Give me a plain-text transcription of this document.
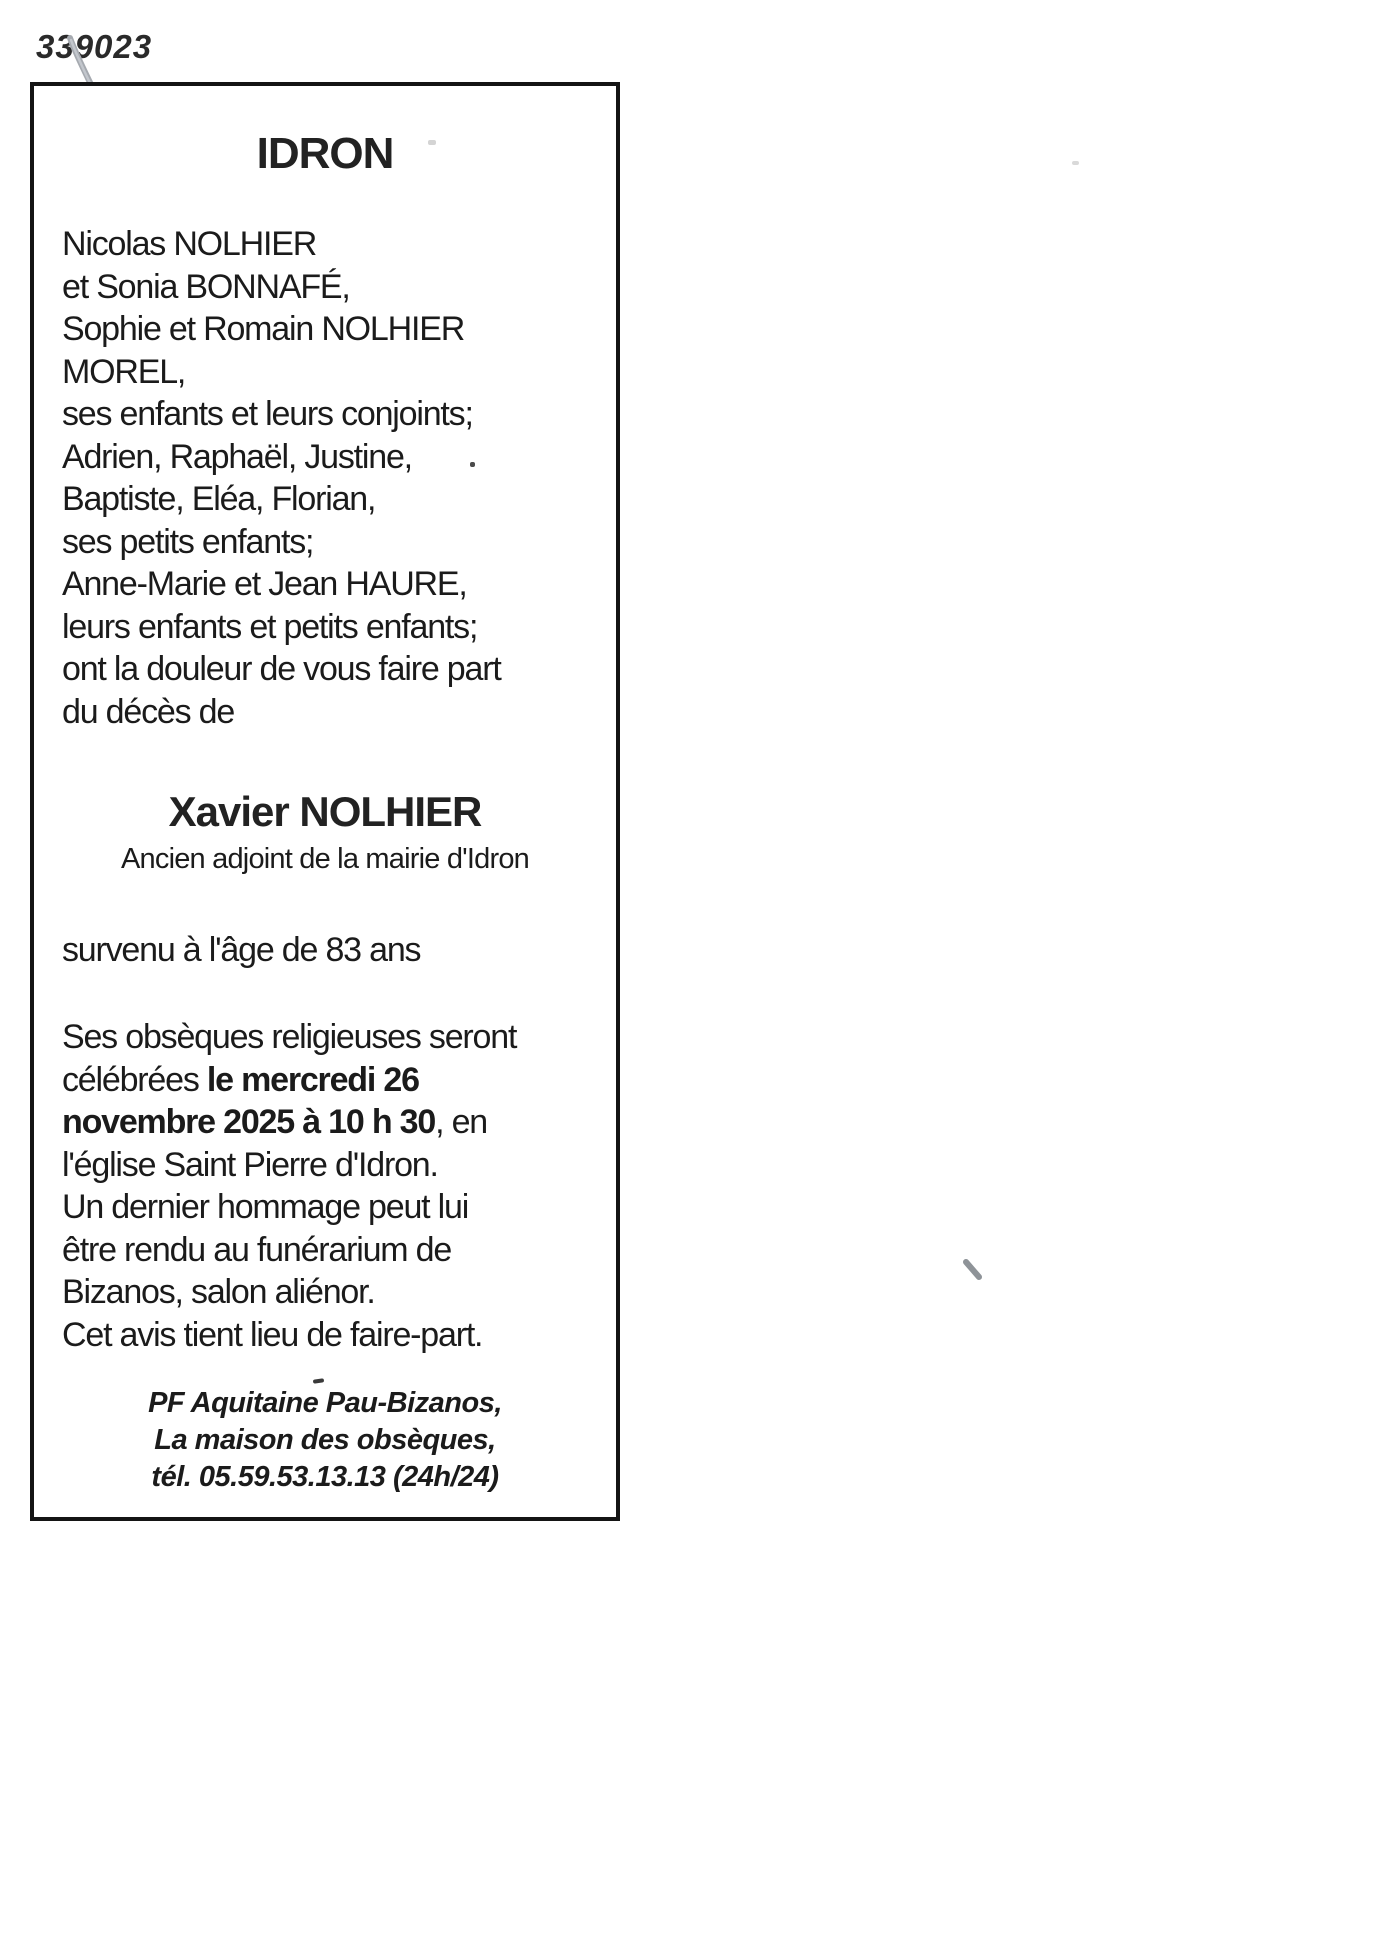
339023
IDRON
Nicolas NOLHIER
et Sonia BONNAFÉ,
Sophie et Romain NOLHIER
MOREL,
ses enfants et leurs conjoints;
Adrien, Raphaël, Justine,
Baptiste, Eléa, Florian,
ses petits enfants;
Anne-Marie et Jean HAURE,
leurs enfants et petits enfants;
ont la douleur de vous faire part
du décès de
Xavier NOLHIER
Ancien adjoint de la mairie d'Idron
survenu à l'âge de 83 ans
Ses obsèques religieuses seront
célébrées le mercredi 26
novembre 2025 à 10 h 30, en
l'église Saint Pierre d'Idron.
Un dernier hommage peut lui
être rendu au funérarium de
Bizanos, salon aliénor.
Cet avis tient lieu de faire-part.
PF Aquitaine Pau-Bizanos,
La maison des obsèques,
tél. 05.59.53.13.13 (24h/24)
